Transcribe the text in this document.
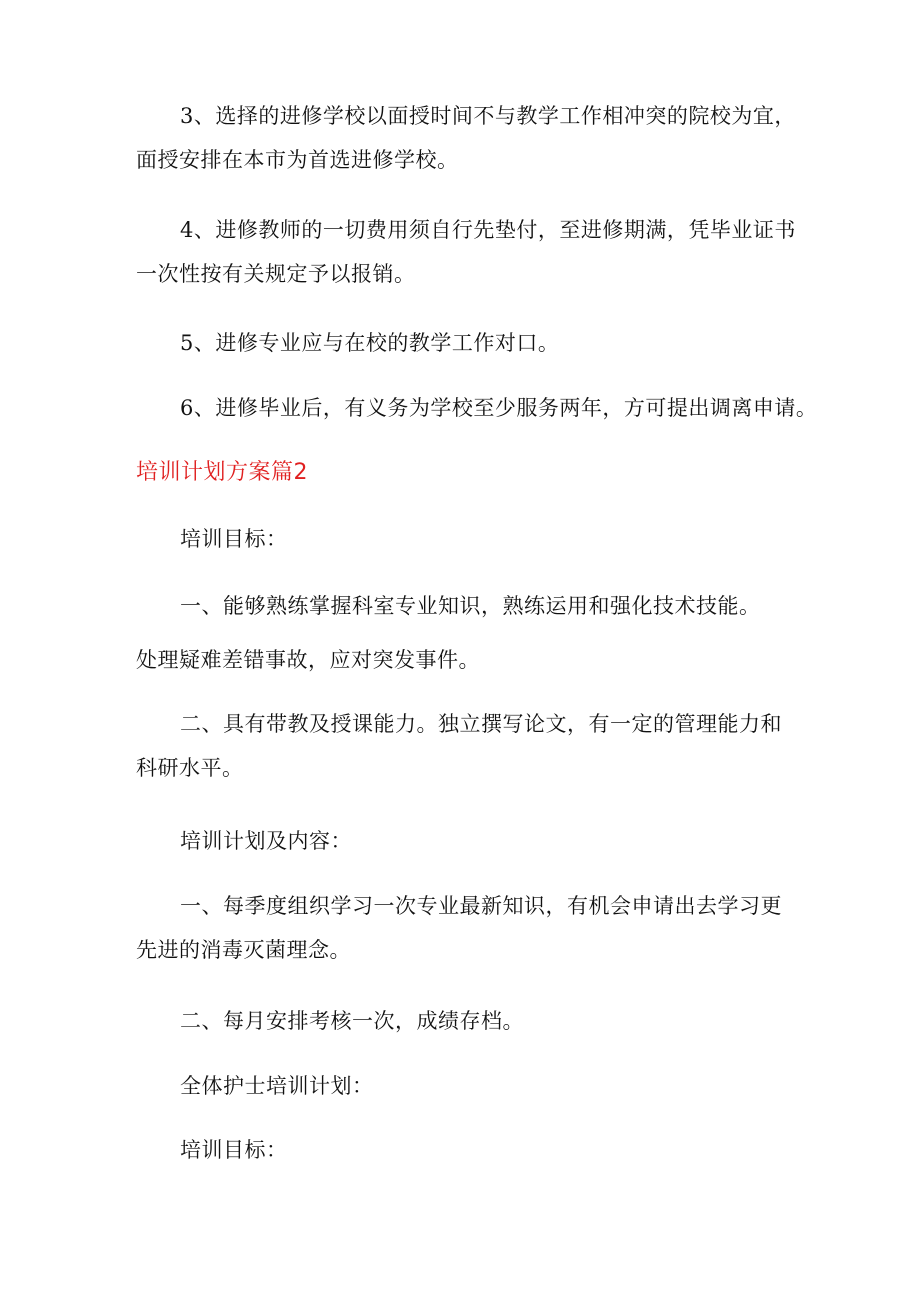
3、选择的进修学校以面授时间不与教学工作相冲突的院校为宜，
面授安排在本市为首选进修学校。

4、进修教师的一切费用须自行先垫付，至进修期满，凭毕业证书
一次性按有关规定予以报销。

5、进修专业应与在校的教学工作对口。

6、进修毕业后，有义务为学校至少服务两年，方可提出调离申请。

培训计划方案篇2

培训目标：

一、能够熟练掌握科室专业知识，熟练运用和强化技术技能。

处理疑难差错事故，应对突发事件。

二、具有带教及授课能力。独立撰写论文，有一定的管理能力和
科研水平。

培训计划及内容：

一、每季度组织学习一次专业最新知识，有机会申请出去学习更
先进的消毒灭菌理念。

二、每月安排考核一次，成绩存档。

全体护士培训计划：

培训目标：
